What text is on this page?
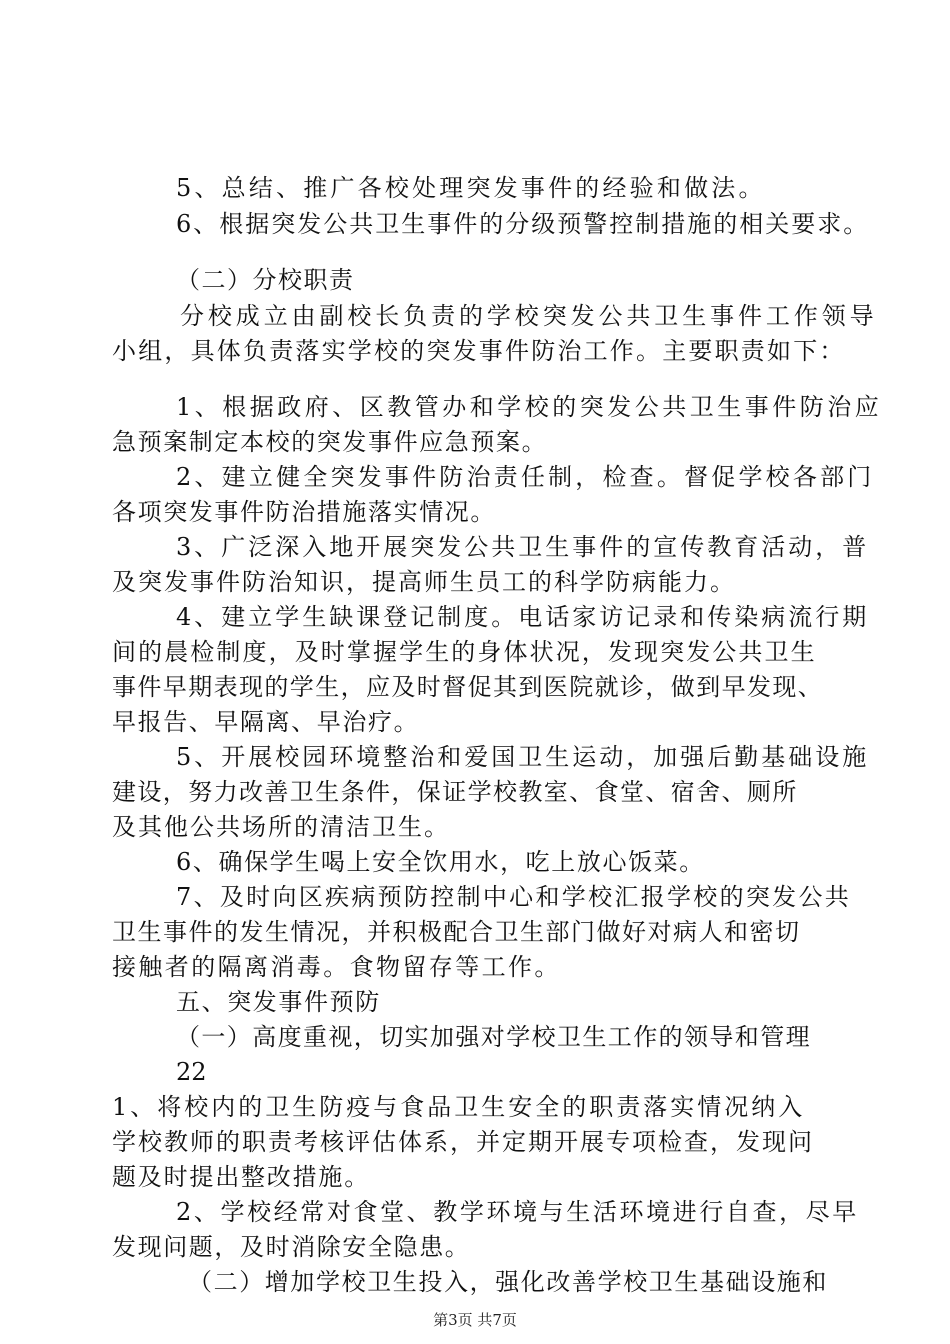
5、总结、推广各校处理突发事件的经验和做法。

6、根据突发公共卫生事件的分级预警控制措施的相关要求。

（二）分校职责

分校成立由副校长负责的学校突发公共卫生事件工作领导

小组，具体负责落实学校的突发事件防治工作。主要职责如下：

1、根据政府、区教管办和学校的突发公共卫生事件防治应

急预案制定本校的突发事件应急预案。

2、建立健全突发事件防治责任制，检查。督促学校各部门

各项突发事件防治措施落实情况。

3、广泛深入地开展突发公共卫生事件的宣传教育活动，普

及突发事件防治知识，提高师生员工的科学防病能力。

4、建立学生缺课登记制度。电话家访记录和传染病流行期

间的晨检制度，及时掌握学生的身体状况，发现突发公共卫生

事件早期表现的学生，应及时督促其到医院就诊，做到早发现、

早报告、早隔离、早治疗。

5、开展校园环境整治和爱国卫生运动，加强后勤基础设施

建设，努力改善卫生条件，保证学校教室、食堂、宿舍、厕所

及其他公共场所的清洁卫生。

6、确保学生喝上安全饮用水，吃上放心饭菜。

7、及时向区疾病预防控制中心和学校汇报学校的突发公共

卫生事件的发生情况，并积极配合卫生部门做好对病人和密切

接触者的隔离消毒。食物留存等工作。

五、突发事件预防

（一）高度重视，切实加强对学校卫生工作的领导和管理

22

1、将校内的卫生防疫与食品卫生安全的职责落实情况纳入

学校教师的职责考核评估体系，并定期开展专项检查，发现问

题及时提出整改措施。

2、学校经常对食堂、教学环境与生活环境进行自查，尽早

发现问题，及时消除安全隐患。

（二）增加学校卫生投入，强化改善学校卫生基础设施和

第3页 共7页
